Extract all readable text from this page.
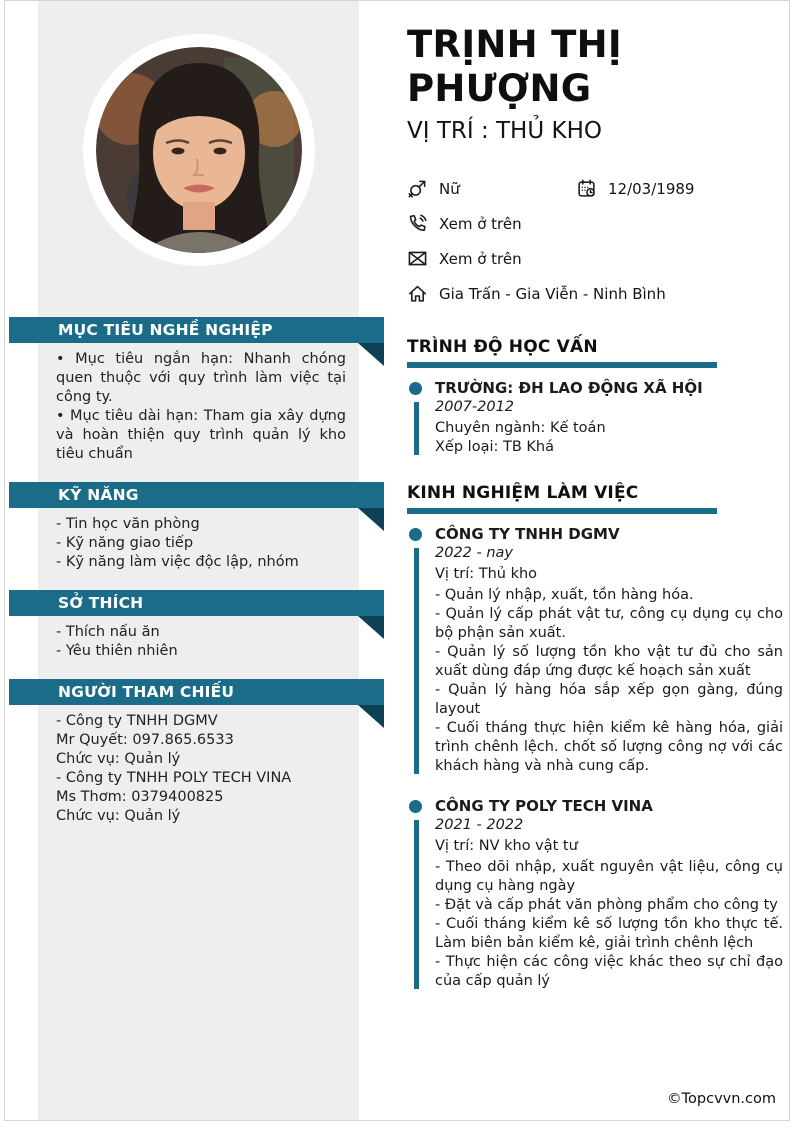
MỤC TIÊU NGHỀ NGHIỆP
• Mục tiêu ngắn hạn: Nhanh chóng quen thuộc với quy trình làm việc tại công ty.
• Mục tiêu dài hạn: Tham gia xây dựng và hoàn thiện quy trình quản lý kho tiêu chuẩn
KỸ NĂNG
- Tin học văn phòng
- Kỹ năng giao tiếp
- Kỹ năng làm việc độc lập, nhóm
SỞ THÍCH
- Thích nấu ăn
- Yêu thiên nhiên
NGƯỜI THAM CHIẾU
- Công ty TNHH DGMV
Mr Quyết: 097.865.6533
Chức vụ: Quản lý
- Công ty TNHH POLY TECH VINA
Ms Thơm: 0379400825
Chức vụ: Quản lý
TRỊNH THỊ PHƯỢNG
VỊ TRÍ : THỦ KHO
Nữ	12/03/1989
Xem ở trên
Xem ở trên
Gia Trấn - Gia Viễn - Ninh Bình
TRÌNH ĐỘ HỌC VẤN
TRƯỜNG: ĐH LAO ĐỘNG XÃ HỘI
2007-2012
Chuyên ngành: Kế toán
Xếp loại: TB Khá
KINH NGHIỆM LÀM VIỆC
CÔNG TY TNHH DGMV
2022 - nay
Vị trí: Thủ kho
- Quản lý nhập, xuất, tồn hàng hóa.
- Quản lý cấp phát vật tư, công cụ dụng cụ cho bộ phận sản xuất.
- Quản lý số lượng tồn kho vật tư đủ cho sản xuất dùng đáp ứng được kế hoạch sản xuất
- Quản lý hàng hóa sắp xếp gọn gàng, đúng layout
- Cuối tháng thực hiện kiểm kê hàng hóa, giải trình chênh lệch. chốt số lượng công nợ với các khách hàng và nhà cung cấp.
CÔNG TY POLY TECH VINA
2021 - 2022
Vị trí: NV kho vật tư
- Theo dõi nhập, xuất nguyên vật liệu, công cụ dụng cụ hàng ngày
- Đặt và cấp phát văn phòng phẩm cho công ty
- Cuối tháng kiểm kê số lượng tồn kho thực tế. Làm biên bản kiểm kê, giải trình chênh lệch
- Thực hiện các công việc khác theo sự chỉ đạo của cấp quản lý
©Topcvvn.com
